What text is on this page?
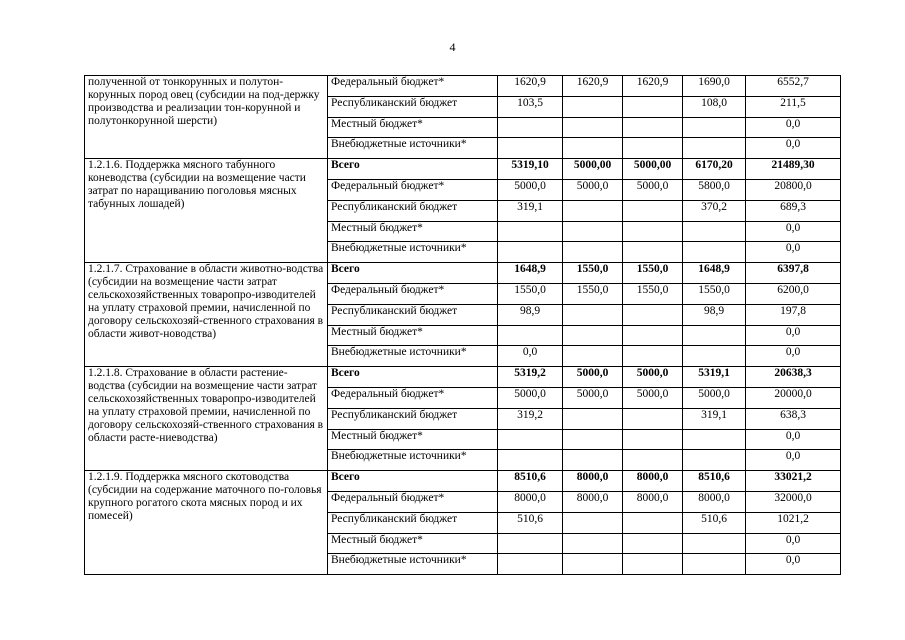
4
полученной от тонкорунных и полутон-корунных пород овец (субсидии на под-держку производства и реализации тон-корунной и полутонкорунной шерсти)	Федеральный бюджет*	1620,9	1620,9	1620,9	1690,0	6552,7
	Республиканский бюджет	103,5			108,0	211,5
	Местный бюджет*					0,0
	Внебюджетные источники*					0,0
1.2.1.6. Поддержка мясного табунного коневодства (субсидии на возмещение части затрат по наращиванию поголовья мясных табунных лошадей)	Всего	5319,10	5000,00	5000,00	6170,20	21489,30
	Федеральный бюджет*	5000,0	5000,0	5000,0	5800,0	20800,0
	Республиканский бюджет	319,1			370,2	689,3
	Местный бюджет*					0,0
	Внебюджетные источники*					0,0
1.2.1.7. Страхование в области животно-водства (субсидии на возмещение части затрат сельскохозяйственных товаропро-изводителей на уплату страховой премии, начисленной по договору сельскохозяй-ственного страхования в области живот-новодства)	Всего	1648,9	1550,0	1550,0	1648,9	6397,8
	Федеральный бюджет*	1550,0	1550,0	1550,0	1550,0	6200,0
	Республиканский бюджет	98,9			98,9	197,8
	Местный бюджет*					0,0
	Внебюджетные источники*	0,0				0,0
1.2.1.8. Страхование в области растение-водства (субсидии на возмещение части затрат сельскохозяйственных товаропро-изводителей на уплату страховой премии, начисленной по договору сельскохозяй-ственного страхования в области расте-ниеводства)	Всего	5319,2	5000,0	5000,0	5319,1	20638,3
	Федеральный бюджет*	5000,0	5000,0	5000,0	5000,0	20000,0
	Республиканский бюджет	319,2			319,1	638,3
	Местный бюджет*					0,0
	Внебюджетные источники*					0,0
1.2.1.9. Поддержка мясного скотоводства (субсидии на содержание маточного по-головья крупного рогатого скота мясных пород и их помесей)	Всего	8510,6	8000,0	8000,0	8510,6	33021,2
	Федеральный бюджет*	8000,0	8000,0	8000,0	8000,0	32000,0
	Республиканский бюджет	510,6			510,6	1021,2
	Местный бюджет*					0,0
	Внебюджетные источники*					0,0
